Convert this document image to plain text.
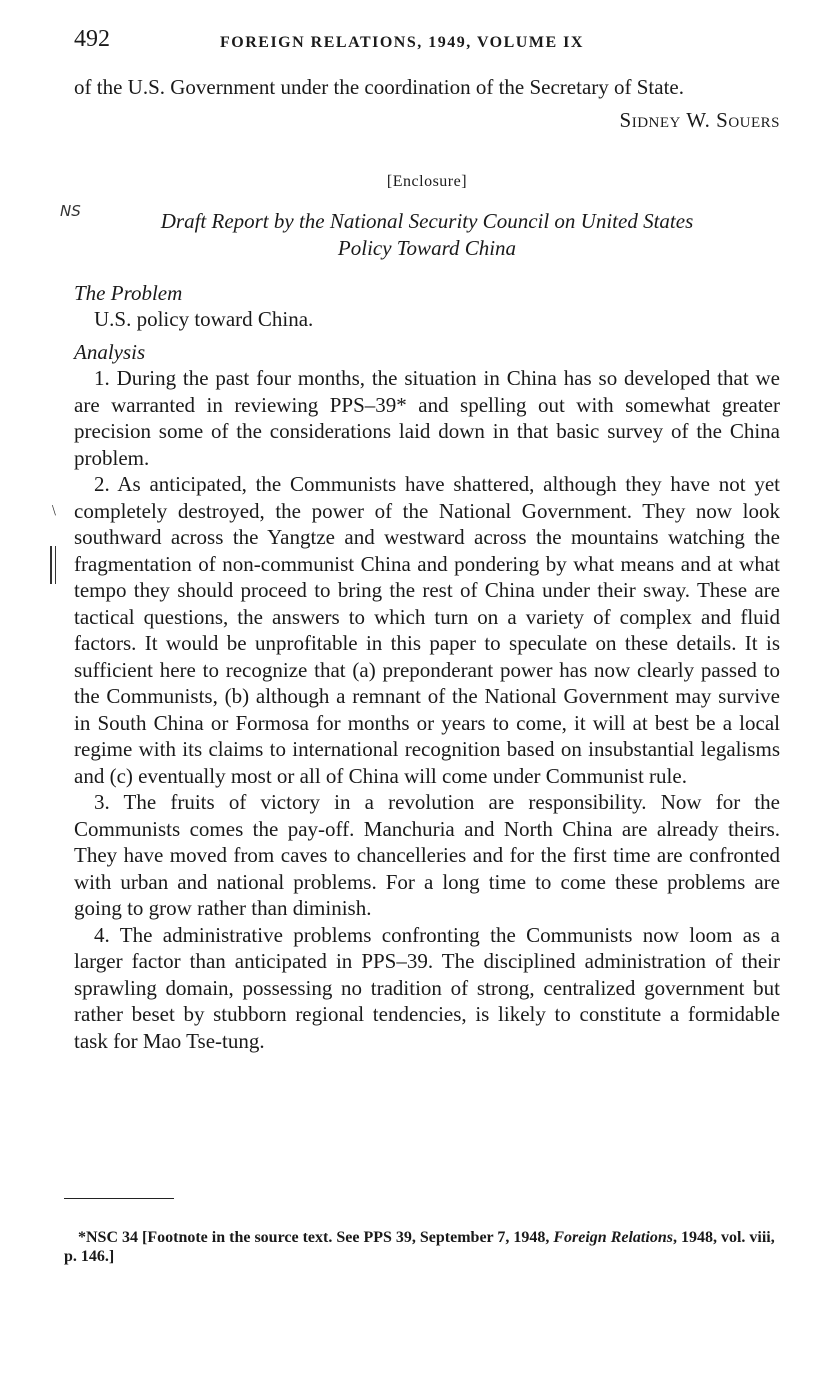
492	FOREIGN RELATIONS, 1949, VOLUME IX
NS
﹨

of the U.S. Government under the coordination of the Secretary of State.

Sidney W. Souers

[Enclosure]

Draft Report by the National Security Council on United States
Policy Toward China

The Problem

U.S. policy toward China.

Analysis

1. During the past four months, the situation in China has so developed that we are warranted in reviewing PPS–39* and spelling out with somewhat greater precision some of the considerations laid down in that basic survey of the China problem.

2. As anticipated, the Communists have shattered, although they have not yet completely destroyed, the power of the National Government. They now look southward across the Yangtze and westward across the mountains watching the fragmentation of non-communist China and pondering by what means and at what tempo they should proceed to bring the rest of China under their sway. These are tactical questions, the answers to which turn on a variety of complex and fluid factors. It would be unprofitable in this paper to speculate on these details. It is sufficient here to recognize that (a) preponderant power has now clearly passed to the Communists, (b) although a remnant of the National Government may survive in South China or Formosa for months or years to come, it will at best be a local regime with its claims to international recognition based on insubstantial legalisms and (c) eventually most or all of China will come under Communist rule.

3. The fruits of victory in a revolution are responsibility. Now for the Communists comes the pay-off. Manchuria and North China are already theirs. They have moved from caves to chancelleries and for the first time are confronted with urban and national problems. For a long time to come these problems are going to grow rather than diminish.

4. The administrative problems confronting the Communists now loom as a larger factor than anticipated in PPS–39. The disciplined administration of their sprawling domain, possessing no tradition of strong, centralized government but rather beset by stubborn regional tendencies, is likely to constitute a formidable task for Mao Tse-tung.

*NSC 34 [Footnote in the source text. See PPS 39, September 7, 1948, Foreign Relations, 1948, vol. viii, p. 146.]
